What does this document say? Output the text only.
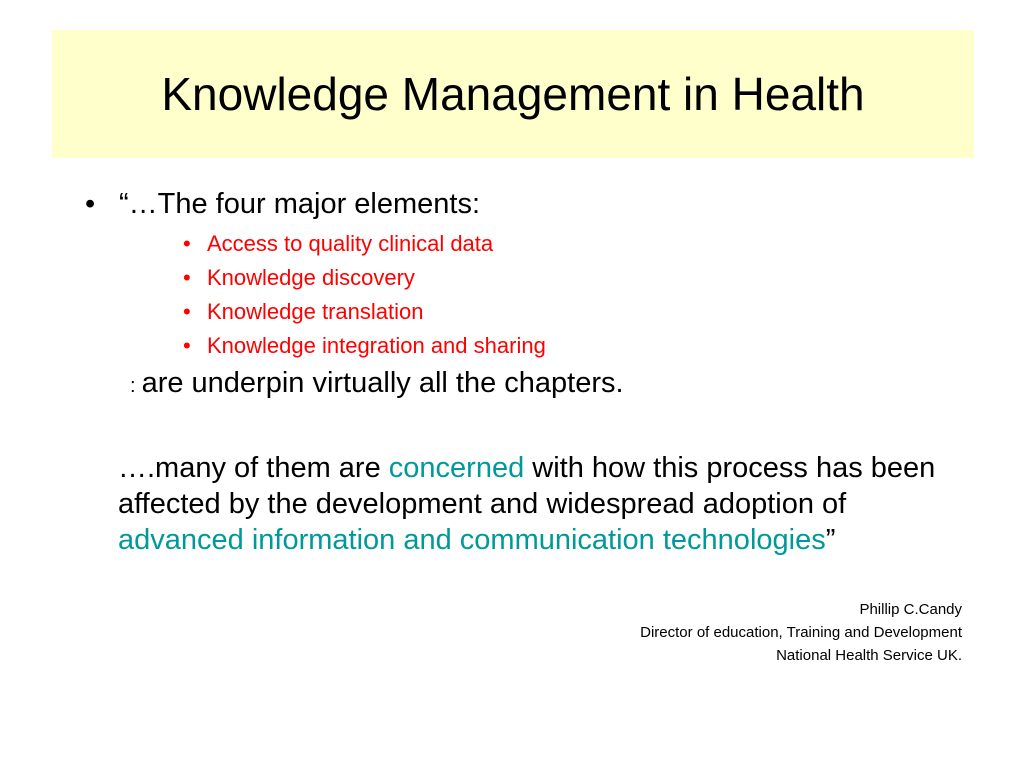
Knowledge Management in Health
• “…The four major elements:
• Access to quality clinical data
• Knowledge discovery
• Knowledge translation
• Knowledge integration and sharing
: are underpin virtually all the chapters.

….many of them are concerned with how this process has been affected by the development and widespread adoption of advanced information and communication technologies”

Phillip C.Candy
Director of education, Training and Development
National Health Service UK.
